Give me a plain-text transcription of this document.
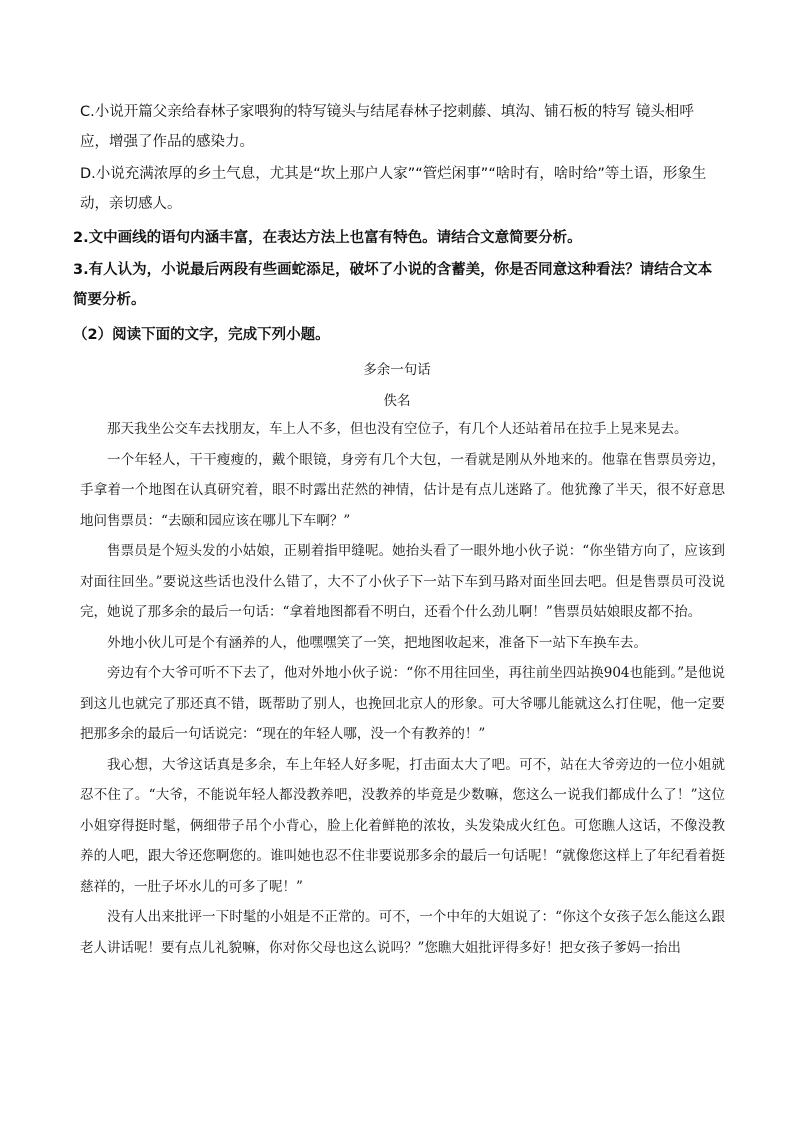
C.小说开篇父亲给春林子家喂狗的特写镜头与结尾春林子挖刺藤、填沟、铺石板的特写 镜头相呼应，增强了作品的感染力。

D.小说充满浓厚的乡土气息，尤其是“坎上那户人家”“管烂闲事”“啥时有，啥时给”等土语，形象生动，亲切感人。

2.文中画线的语句内涵丰富，在表达方法上也富有特色。请结合文意简要分析。

3.有人认为，小说最后两段有些画蛇添足，破坏了小说的含蓄美，你是否同意这种看法？请结合文本简要分析。

（2）阅读下面的文字，完成下列小题。

多余一句话
佚名

那天我坐公交车去找朋友，车上人不多，但也没有空位子，有几个人还站着吊在拉手上晃来晃去。

一个年轻人，干干瘦瘦的，戴个眼镜，身旁有几个大包，一看就是刚从外地来的。他靠在售票员旁边，手拿着一个地图在认真研究着，眼不时露出茫然的神情，估计是有点儿迷路了。他犹豫了半天，很不好意思地问售票员：“去颐和园应该在哪儿下车啊？”

售票员是个短头发的小姑娘，正剔着指甲缝呢。她抬头看了一眼外地小伙子说：“你坐错方向了，应该到对面往回坐。”要说这些话也没什么错了，大不了小伙子下一站下车到马路对面坐回去吧。但是售票员可没说完，她说了那多余的最后一句话：“拿着地图都看不明白，还看个什么劲儿啊！”售票员姑娘眼皮都不抬。

外地小伙儿可是个有涵养的人，他嘿嘿笑了一笑，把地图收起来，准备下一站下车换车去。

旁边有个大爷可听不下去了，他对外地小伙子说：“你不用往回坐，再往前坐四站换904也能到。”是他说到这儿也就完了那还真不错，既帮助了别人，也挽回北京人的形象。可大爷哪儿能就这么打住呢，他一定要把那多余的最后一句话说完：“现在的年轻人哪，没一个有教养的！”

我心想，大爷这话真是多余，车上年轻人好多呢，打击面太大了吧。可不，站在大爷旁边的一位小姐就忍不住了。“大爷，不能说年轻人都没教养吧，没教养的毕竟是少数嘛，您这么一说我们都成什么了！”这位小姐穿得挺时髦，俩细带子吊个小背心，脸上化着鲜艳的浓妆，头发染成火红色。可您瞧人这话，不像没教养的人吧，跟大爷还您啊您的。谁叫她也忍不住非要说那多余的最后一句话呢！“就像您这样上了年纪看着挺慈祥的，一肚子坏水儿的可多了呢！”

没有人出来批评一下时髦的小姐是不正常的。可不，一个中年的大姐说了：“你这个女孩子怎么能这么跟老人讲话呢！要有点儿礼貌嘛，你对你父母也这么说吗？”您瞧大姐批评得多好！把女孩子爹妈一抬出
